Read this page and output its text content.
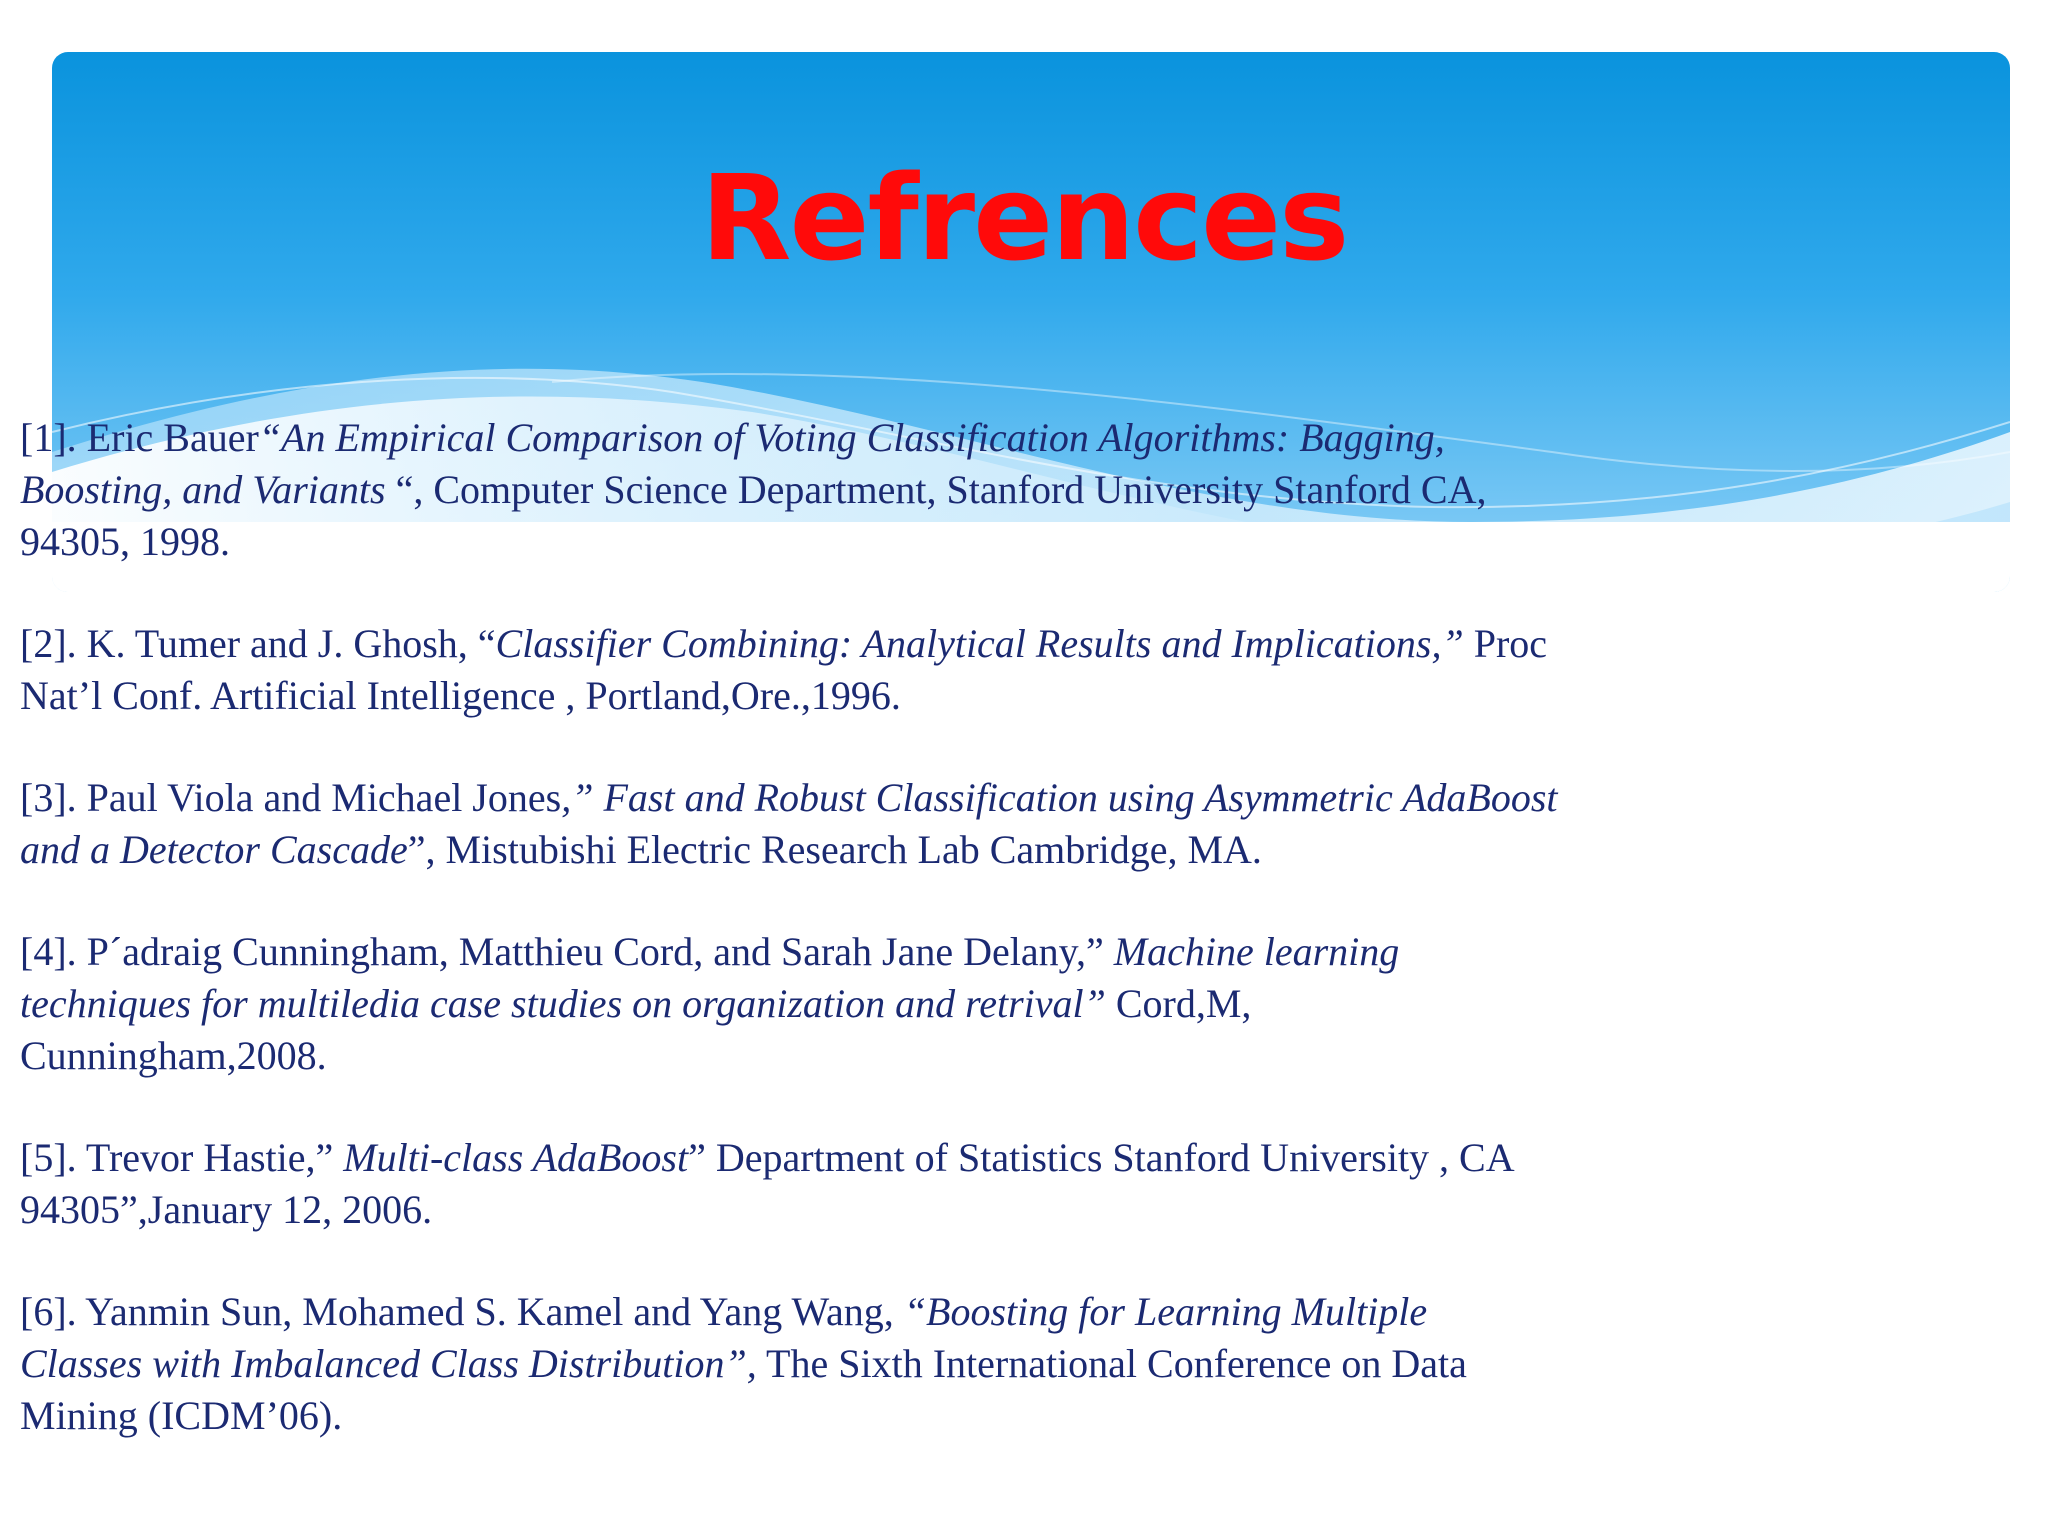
Refrences

[1]. Eric Bauer“An Empirical Comparison of Voting Classification Algorithms: Bagging,
Boosting, and Variants “, Computer Science Department, Stanford University Stanford CA,
94305, 1998.

[2]. K. Tumer and J. Ghosh, “Classifier Combining: Analytical Results and Implications,” Proc
Nat’l Conf. Artificial Intelligence , Portland,Ore.,1996.

[3]. Paul Viola and Michael Jones,” Fast and Robust Classification using Asymmetric AdaBoost
and a Detector Cascade”, Mistubishi Electric Research Lab Cambridge, MA.

[4]. P´adraig Cunningham, Matthieu Cord, and Sarah Jane Delany,” Machine learning
techniques for multiledia case studies on organization and retrival” Cord,M,
Cunningham,2008.

[5]. Trevor Hastie,” Multi-class AdaBoost” Department of Statistics Stanford University , CA
94305”,January 12, 2006.

[6]. Yanmin Sun, Mohamed S. Kamel and Yang Wang, “Boosting for Learning Multiple
Classes with Imbalanced Class Distribution”, The Sixth International Conference on Data
Mining (ICDM’06).
